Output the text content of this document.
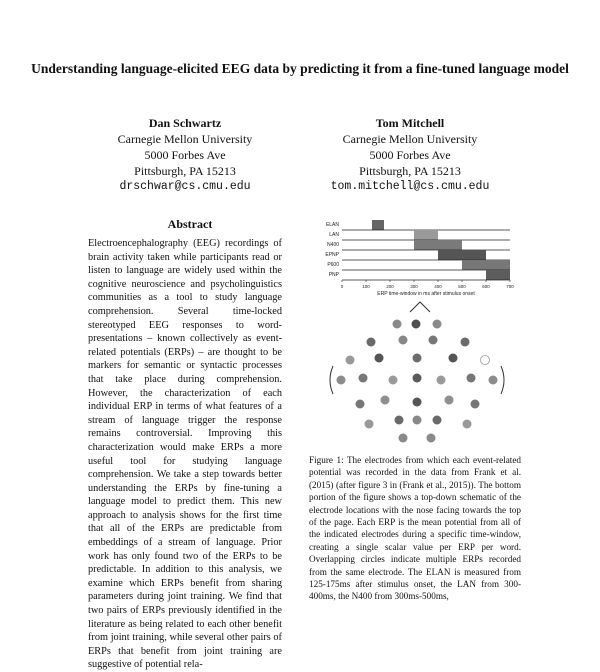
Understanding language-elicited EEG data by predicting it from a fine-tuned language model
Dan Schwartz
Carnegie Mellon University
5000 Forbes Ave
Pittsburgh, PA 15213
drschwar@cs.cmu.edu
Tom Mitchell
Carnegie Mellon University
5000 Forbes Ave
Pittsburgh, PA 15213
tom.mitchell@cs.cmu.edu
Abstract
Electroencephalography (EEG) recordings of brain activity taken while participants read or listen to language are widely used within the cognitive neuroscience and psycholinguistics communities as a tool to study language comprehension. Several time-locked stereotyped EEG responses to word-presentations – known collectively as event-related potentials (ERPs) – are thought to be markers for semantic or syntactic processes that take place during comprehension. However, the characterization of each individual ERP in terms of what features of a stream of language trigger the response remains controversial. Improving this characterization would make ERPs a more useful tool for studying language comprehension. We take a step towards better understanding the ERPs by fine-tuning a language model to predict them. This new approach to analysis shows for the first time that all of the ERPs are predictable from embeddings of a stream of language. Prior work has only found two of the ERPs to be predictable. In addition to this analysis, we examine which ERPs benefit from sharing parameters during joint training. We find that two pairs of ERPs previously identified in the literature as being related to each other benefit from joint training, while several other pairs of ERPs that benefit from joint training are suggestive of potential rela-
ELAN
LAN
N400
EPNP
P600
PNP
0	100	200	300	400	500	600	700
ERP time-window in ms after stimulus onset
Figure 1: The electrodes from which each event-related potential was recorded in the data from Frank et al. (2015) (after figure 3 in (Frank et al., 2015)). The bottom portion of the figure shows a top-down schematic of the electrode locations with the nose facing towards the top of the page. Each ERP is the mean potential from all of the indicated electrodes during a specific time-window, creating a single scalar value per ERP per word. Overlapping circles indicate multiple ERPs recorded from the same electrode. The ELAN is measured from 125-175ms after stimulus onset, the LAN from 300-400ms, the N400 from 300ms-500ms,
